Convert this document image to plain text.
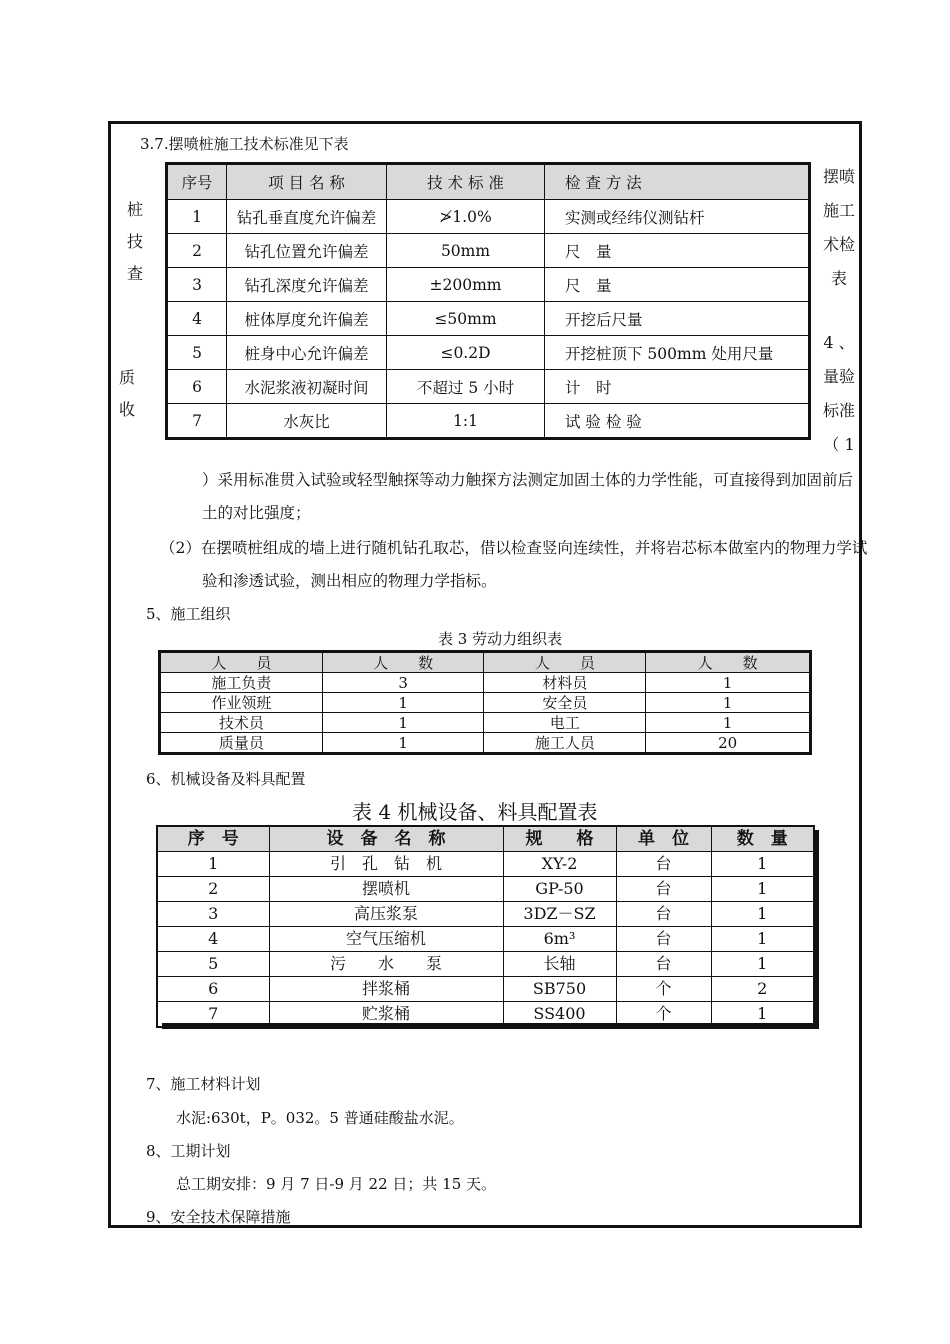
3.7.摆喷桩施工技术标准见下表
桩
技
查
质
收
摆喷
施工
术检
表
4 、
量验
标准
（ 1
序号	项 目 名 称	技 术 标 准	检 查 方 法
1	钻孔垂直度允许偏差	≯1.0%	实测或经纬仪测钻杆
2	钻孔位置允许偏差	50mm	尺　量
3	钻孔深度允许偏差	±200mm	尺　量
4	桩体厚度允许偏差	≤50mm	开挖后尺量
5	桩身中心允许偏差	≤0.2D	开挖桩顶下 500mm 处用尺量
6	水泥浆液初凝时间	不超过 5 小时	计　时
7	水灰比	1:1	试 验 检 验
）采用标准贯入试验或轻型触探等动力触探方法测定加固土体的力学性能，可直接得到加固前后
土的对比强度；
（2）在摆喷桩组成的墙上进行随机钻孔取芯，借以检查竖向连续性，并将岩芯标本做室内的物理力学试
验和渗透试验，测出相应的物理力学指标。
5、施工组织
表 3 劳动力组织表
人　　员	人　　数	人　　员	人　　数
施工负责	3	材料员	1
作业领班	1	安全员	1
技术员	1	电工	1
质量员	1	施工人员	20
6、机械设备及料具配置
表 4 机械设备、料具配置表
序　号	设　备　名　称	规　　格	单　位	数　量
1	引　孔　钻　机	XY-2	台	1
2	摆喷机	GP-50	台	1
3	高压浆泵	3DZ－SZ	台	1
4	空气压缩机	6m³	台	1
5	污　　水　　泵	长轴	台	1
6	拌浆桶	SB750	个	2
7	贮浆桶	SS400	个	1
7、施工材料计划
水泥:630t，P。032。5 普通硅酸盐水泥。
8、工期计划
总工期安排：9 月 7 日-9 月 22 日；共 15 天。
9、安全技术保障措施
